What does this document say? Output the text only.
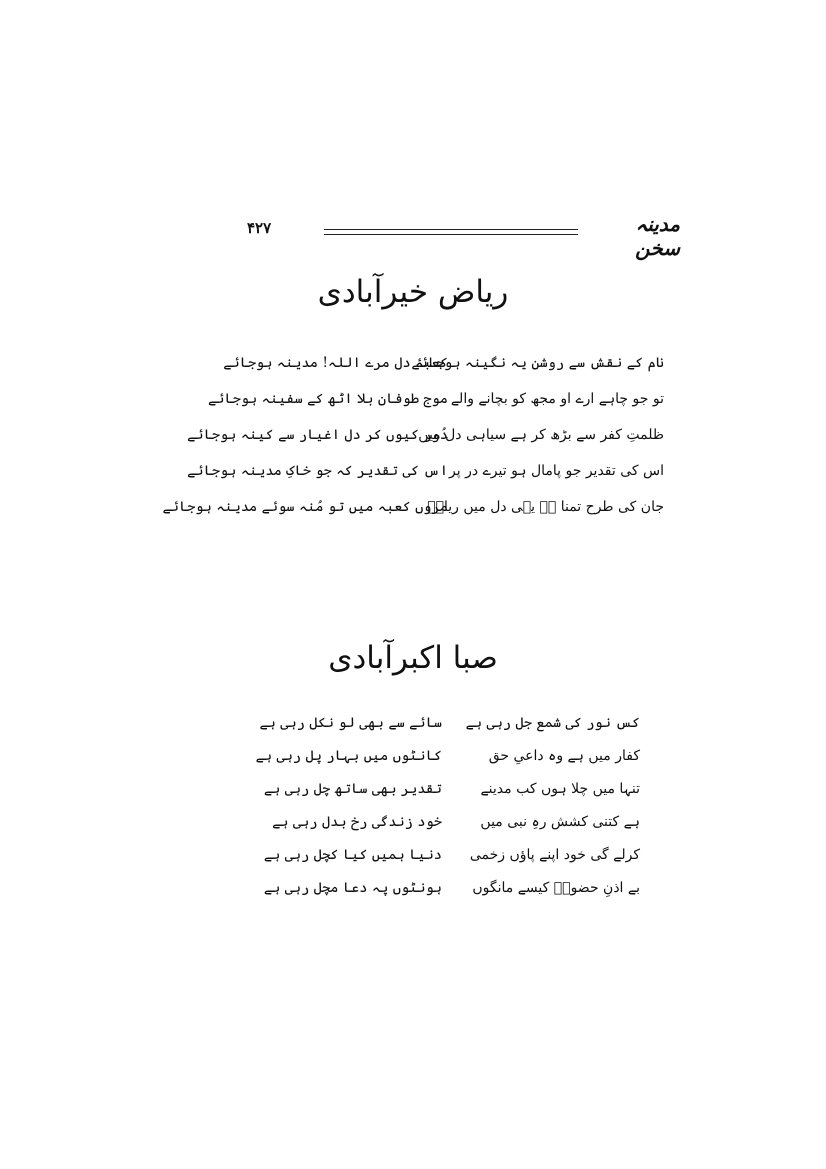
۴۲۷	مدینہ سخن
ریاض خیرآبادی
نام کے نقش سے روشن یہ نگینہ ہوجائے
کعبۂ دل مرے اللہ! مدینہ ہوجائے
تو جو چاہے ارے او مجھ کو بچانے والے
موج طوفان بلا اٹھ کے سفینہ ہوجائے
ظلمتِ کفر سے بڑھ کر ہے سیاہی دل میں
دُور کیوں کر دل اغیار سے کینہ ہوجائے
اس کی تقدیر جو پامال ہو تیرے در پر
اس کی تقدیر کہ جو خاکِ مدینہ ہوجائے
جان کی طرح تمنا ہے یہی دل میں ریاضؔ
مروں کعبہ میں تو مُنہ سوئے مدینہ ہوجائے
صبا اکبرآبادی
کس نور کی شمع جل رہی ہے
سائے سے بھی لو نکل رہی ہے
کفار میں ہے وہ داعیِ حق
کانٹوں میں بہار پل رہی ہے
تنہا میں چلا ہوں کب مدینے
تقدیر بھی ساتھ چل رہی ہے
ہے کتنی کشش رہِ نبی میں
خود زندگی رخ بدل رہی ہے
کرلے گی خود اپنے پاؤں زخمی
دنیا ہمیں کیا کچل رہی ہے
بے اذنِ حضورؐ کیسے مانگوں
ہونٹوں پہ دعا مچل رہی ہے
